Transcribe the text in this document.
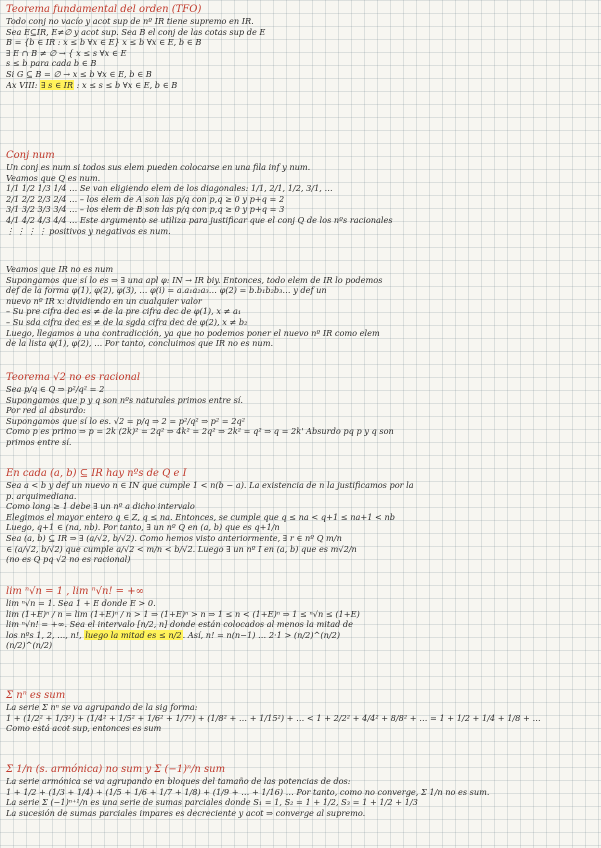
Teorema fundamental del orden (TFO)
Todo conj no vacío y acot sup de nº IR tiene supremo en IR.
Sea E⊆IR, E≠∅ y acot sup. Sea B el conj de las cotas sup de E
B = {b ∈ IR : x ≤ b ∀x ∈ E} x ≤ b ∀x ∈ E, b ∈ B
∃ E ∩ B ≠ ∅ → { x ≤ s ∀x ∈ E
s ≤ b para cada b ∈ B
Si G ⊆ B = ∅ → x ≤ b ∀x ∈ E, b ∈ B
Ax VIII: ∃ s ∈ IR : x ≤ s ≤ b ∀x ∈ E, b ∈ B
Conj num
Un conj es num si todos sus elem pueden colocarse en una fila inf y num.
Veamos que Q es num.
1/1 1/2 1/3 1/4 … Se van eligiendo elem de los diagonales: 1/1, 2/1, 1/2, 3/1, …
2/1 2/2 2/3 2/4 … – los elem de A son las p/q con p,q ≥ 0 y p+q = 2
3/1 3/2 3/3 3/4 … – los elem de B son las p/q con p,q ≥ 0 y p+q = 3
4/1 4/2 4/3 4/4 … Este argumento se utiliza para justificar que el conj Q de los nºs racionales
⋮ ⋮ ⋮ ⋮ positivos y negativos es num.
Veamos que IR no es num
Supongamos que sí lo es ⇒ ∃ una apl φ: IN → IR biy. Entonces, todo elem de IR lo podemos
def de la forma φ(1), φ(2), φ(3), … φ(i) = a.a₁a₂a₃… φ(2) = b.b₁b₂b₃… y def un
nuevo nº IR x: dividiendo en un cualquier valor
– Su pre cifra dec es ≠ de la pre cifra dec de φ(1), x ≠ a₁
– Su sda cifra dec es ≠ de la sgda cifra dec de φ(2), x ≠ b₂
Luego, llegamos a una contradicción, ya que no podemos poner el nuevo nº IR como elem
de la lista φ(1), φ(2), … Por tanto, concluimos que IR no es num.
Teorema √2 no es racional
Sea p/q ∈ Q ⇒ p²/q² = 2
Supongamos que p y q son nºs naturales primos entre sí.
Por red al absurdo:
Supongamos que sí lo es. √2 = p/q ⇒ 2 = p²/q² ⇒ p² = 2q²
Como p es primo ⇒ p = 2k (2k)² = 2q² ⇒ 4k² = 2q² ⇒ 2k² = q² ⇒ q = 2k' Absurdo pq p y q son
primos entre sí.
En cada (a, b) ⊆ IR hay nºs de Q e I
Sea a < b y def un nuevo n ∈ IN que cumple 1 < n(b − a). La existencia de n la justificamos por la
p. arquimediana.
Como long ≥ 1 debe ∃ un nº a dicho intervalo
Elegimos el mayor entero q ∈ Z, q ≤ na. Entonces, se cumple que q ≤ na < q+1 ≤ na+1 < nb
Luego, q+1 ∈ (na, nb). Por tanto, ∃ un nº Q en (a, b) que es q+1/n
Sea (a, b) ⊆ IR ⇒ ∃ (a/√2, b/√2). Como hemos visto anteriormente, ∃ r ∈ nº Q m/n
∈ (a/√2, b/√2) que cumple a/√2 < m/n < b/√2. Luego ∃ un nº I en (a, b) que es m√2/n
(no es Q pq √2 no es racional)
lim ⁿ√n = 1 , lim ⁿ√n! = +∞
lim ⁿ√n = 1. Sea 1 + E donde E > 0.
lim (1+E)ⁿ / n = lim (1+E)ⁿ / n > 1 ⇒ (1+E)ⁿ > n ⇒ 1 ≤ n < (1+E)ⁿ ⇒ 1 ≤ ⁿ√n ≤ (1+E)
lim ⁿ√n! = +∞. Sea el intervalo [n/2, n] donde están colocados al menos la mitad de
los nºs 1, 2, …, n!, luego la mitad es ≤ n/2. Así, n! = n(n−1) … 2·1 > (n/2)^(n/2)
(n/2)^(n/2)
Σ nⁿ es sum
La serie Σ nⁿ se va agrupando de la sig forma:
1 + (1/2² + 1/3²) + (1/4² + 1/5² + 1/6² + 1/7²) + (1/8² + … + 1/15²) + … < 1 + 2/2² + 4/4² + 8/8² + … = 1 + 1/2 + 1/4 + 1/8 + …
Como está acot sup, entonces es sum
Σ 1/n (s. armónica) no sum y Σ (−1)ⁿ/n sum
La serie armónica se va agrupando en bloques del tamaño de las potencias de dos:
1 + 1/2 + (1/3 + 1/4) + (1/5 + 1/6 + 1/7 + 1/8) + (1/9 + … + 1/16) … Por tanto, como no converge, Σ 1/n no es sum.
La serie Σ (−1)ⁿ⁺¹/n es una serie de sumas parciales donde S₁ = 1, S₂ = 1 + 1/2, S₃ = 1 + 1/2 + 1/3
La sucesión de sumas parciales impares es decreciente y acot ⇒ converge al supremo.
